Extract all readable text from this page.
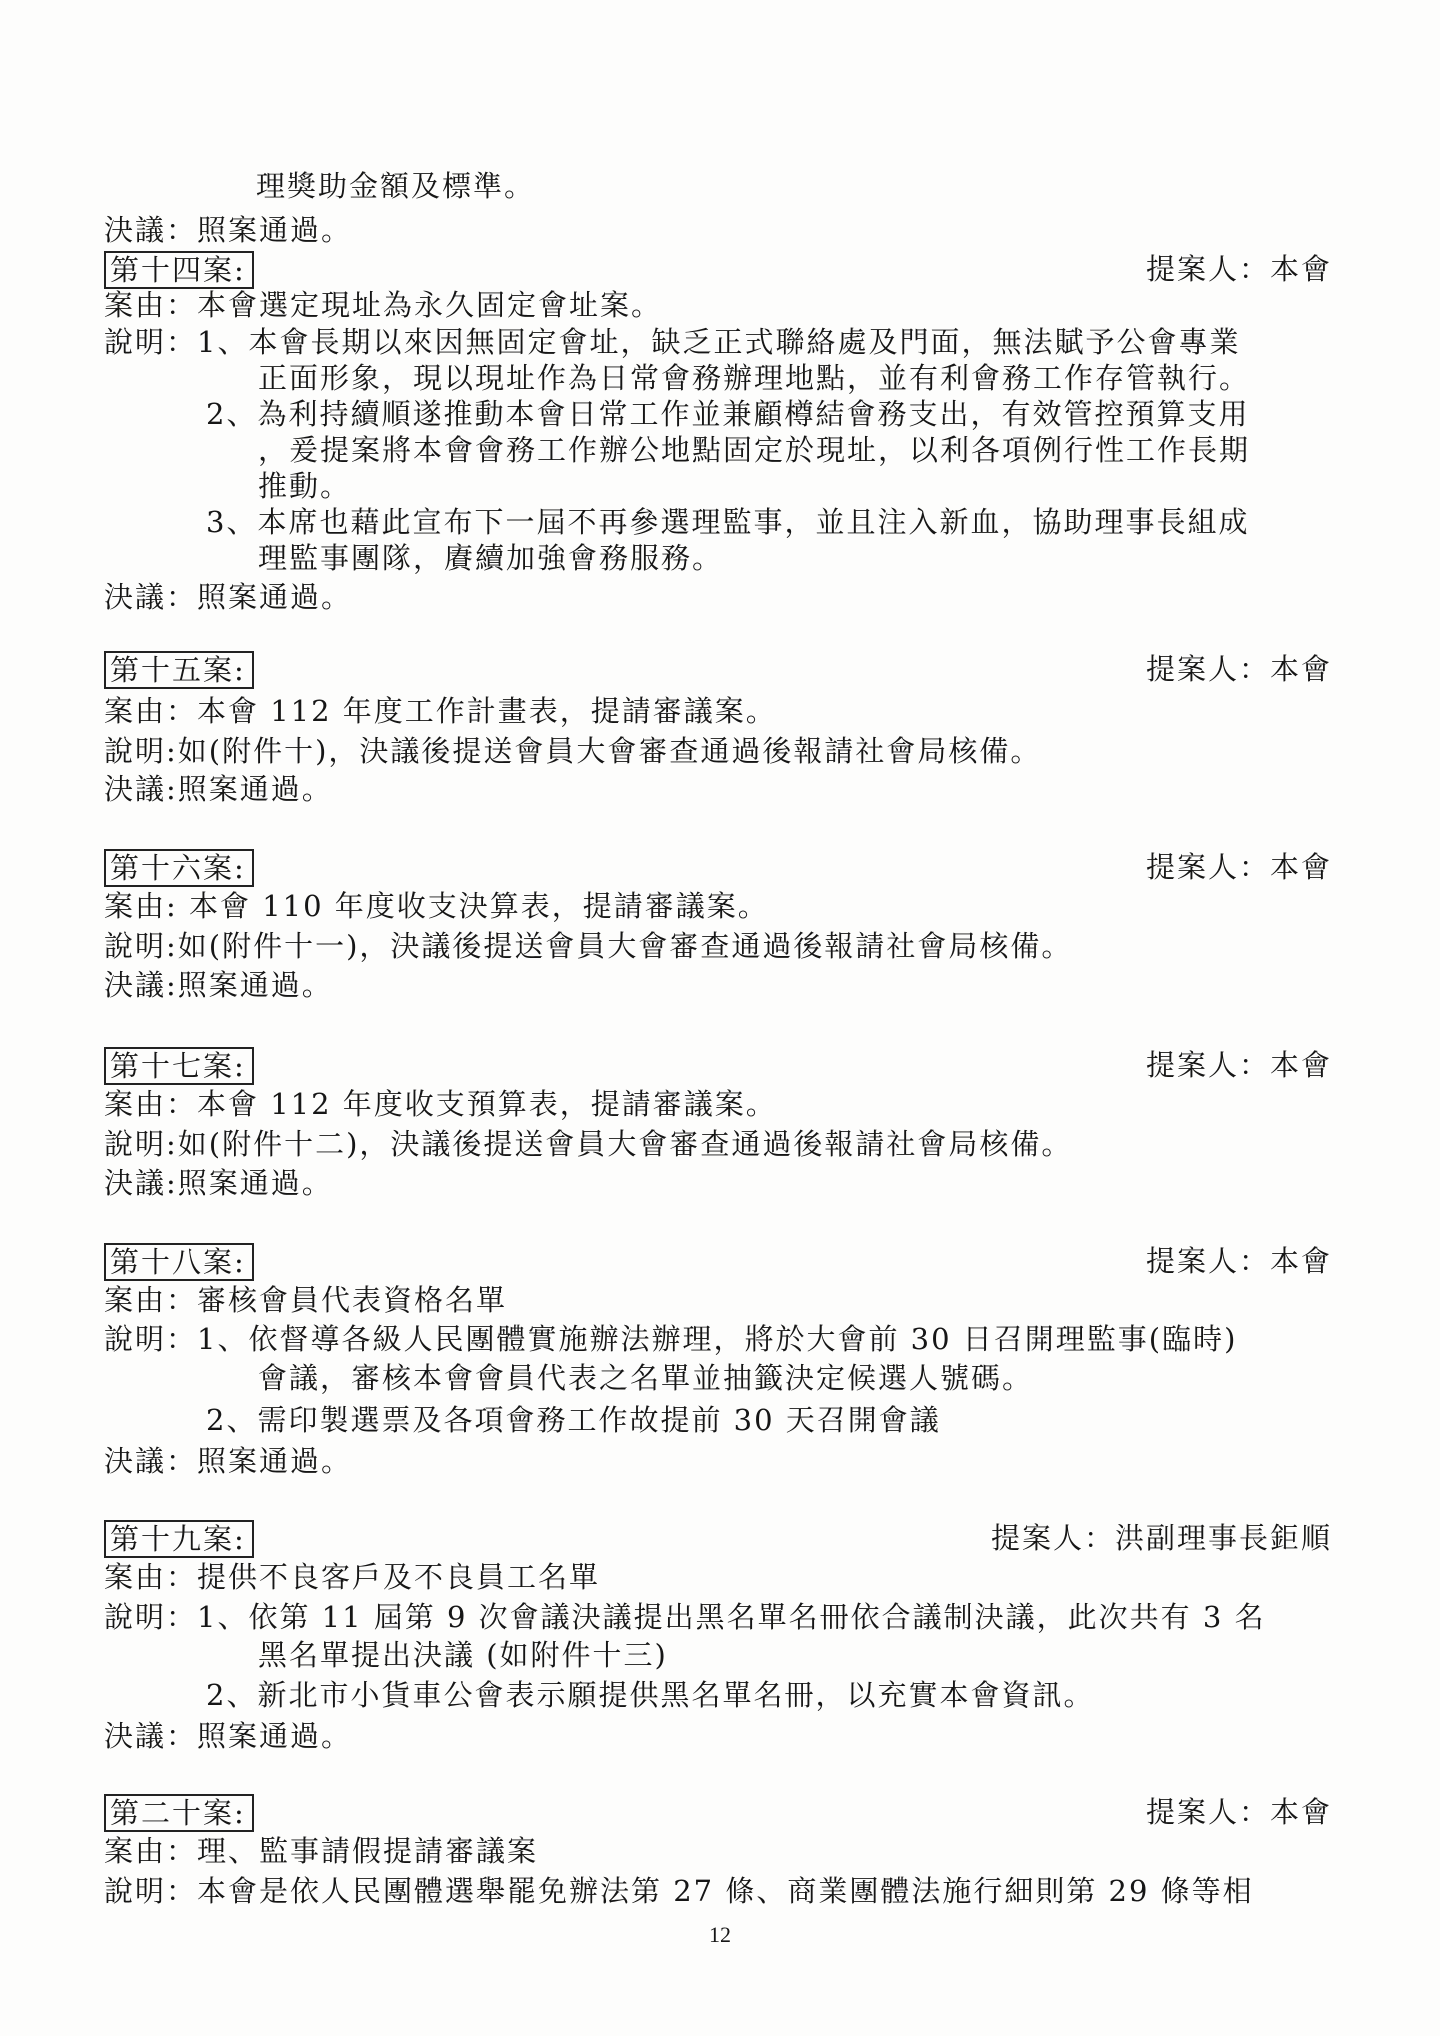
理獎助金額及標準。
決議：照案通過。
第十四案:	提案人：本會
案由：本會選定現址為永久固定會址案。
說明：1、本會長期以來因無固定會址，缺乏正式聯絡處及門面，無法賦予公會專業
正面形象，現以現址作為日常會務辦理地點，並有利會務工作存管執行。
2、為利持續順遂推動本會日常工作並兼顧樽結會務支出，有效管控預算支用
，爰提案將本會會務工作辦公地點固定於現址，以利各項例行性工作長期
推動。
3、本席也藉此宣布下一屆不再參選理監事，並且注入新血，協助理事長組成
理監事團隊，賡續加強會務服務。
決議：照案通過。
第十五案:	提案人：本會
案由：本會 112 年度工作計畫表，提請審議案。
說明:如(附件十)，決議後提送會員大會審查通過後報請社會局核備。
決議:照案通過。
第十六案:	提案人：本會
案由: 本會 110 年度收支決算表，提請審議案。
說明:如(附件十一)，決議後提送會員大會審查通過後報請社會局核備。
決議:照案通過。
第十七案:	提案人：本會
案由：本會 112 年度收支預算表，提請審議案。
說明:如(附件十二)，決議後提送會員大會審查通過後報請社會局核備。
決議:照案通過。
第十八案:	提案人：本會
案由：審核會員代表資格名單
說明：1、依督導各級人民團體實施辦法辦理，將於大會前 30 日召開理監事(臨時)
會議，審核本會會員代表之名單並抽籤決定候選人號碼。
2、需印製選票及各項會務工作故提前 30 天召開會議
決議：照案通過。
第十九案:	提案人：洪副理事長鉅順
案由：提供不良客戶及不良員工名單
說明：1、依第 11 屆第 9 次會議決議提出黑名單名冊依合議制決議，此次共有 3 名
黑名單提出決議 (如附件十三)
2、新北市小貨車公會表示願提供黑名單名冊，以充實本會資訊。
決議：照案通過。
第二十案:	提案人：本會
案由：理、監事請假提請審議案
說明：本會是依人民團體選舉罷免辦法第 27 條、商業團體法施行細則第 29 條等相
12
